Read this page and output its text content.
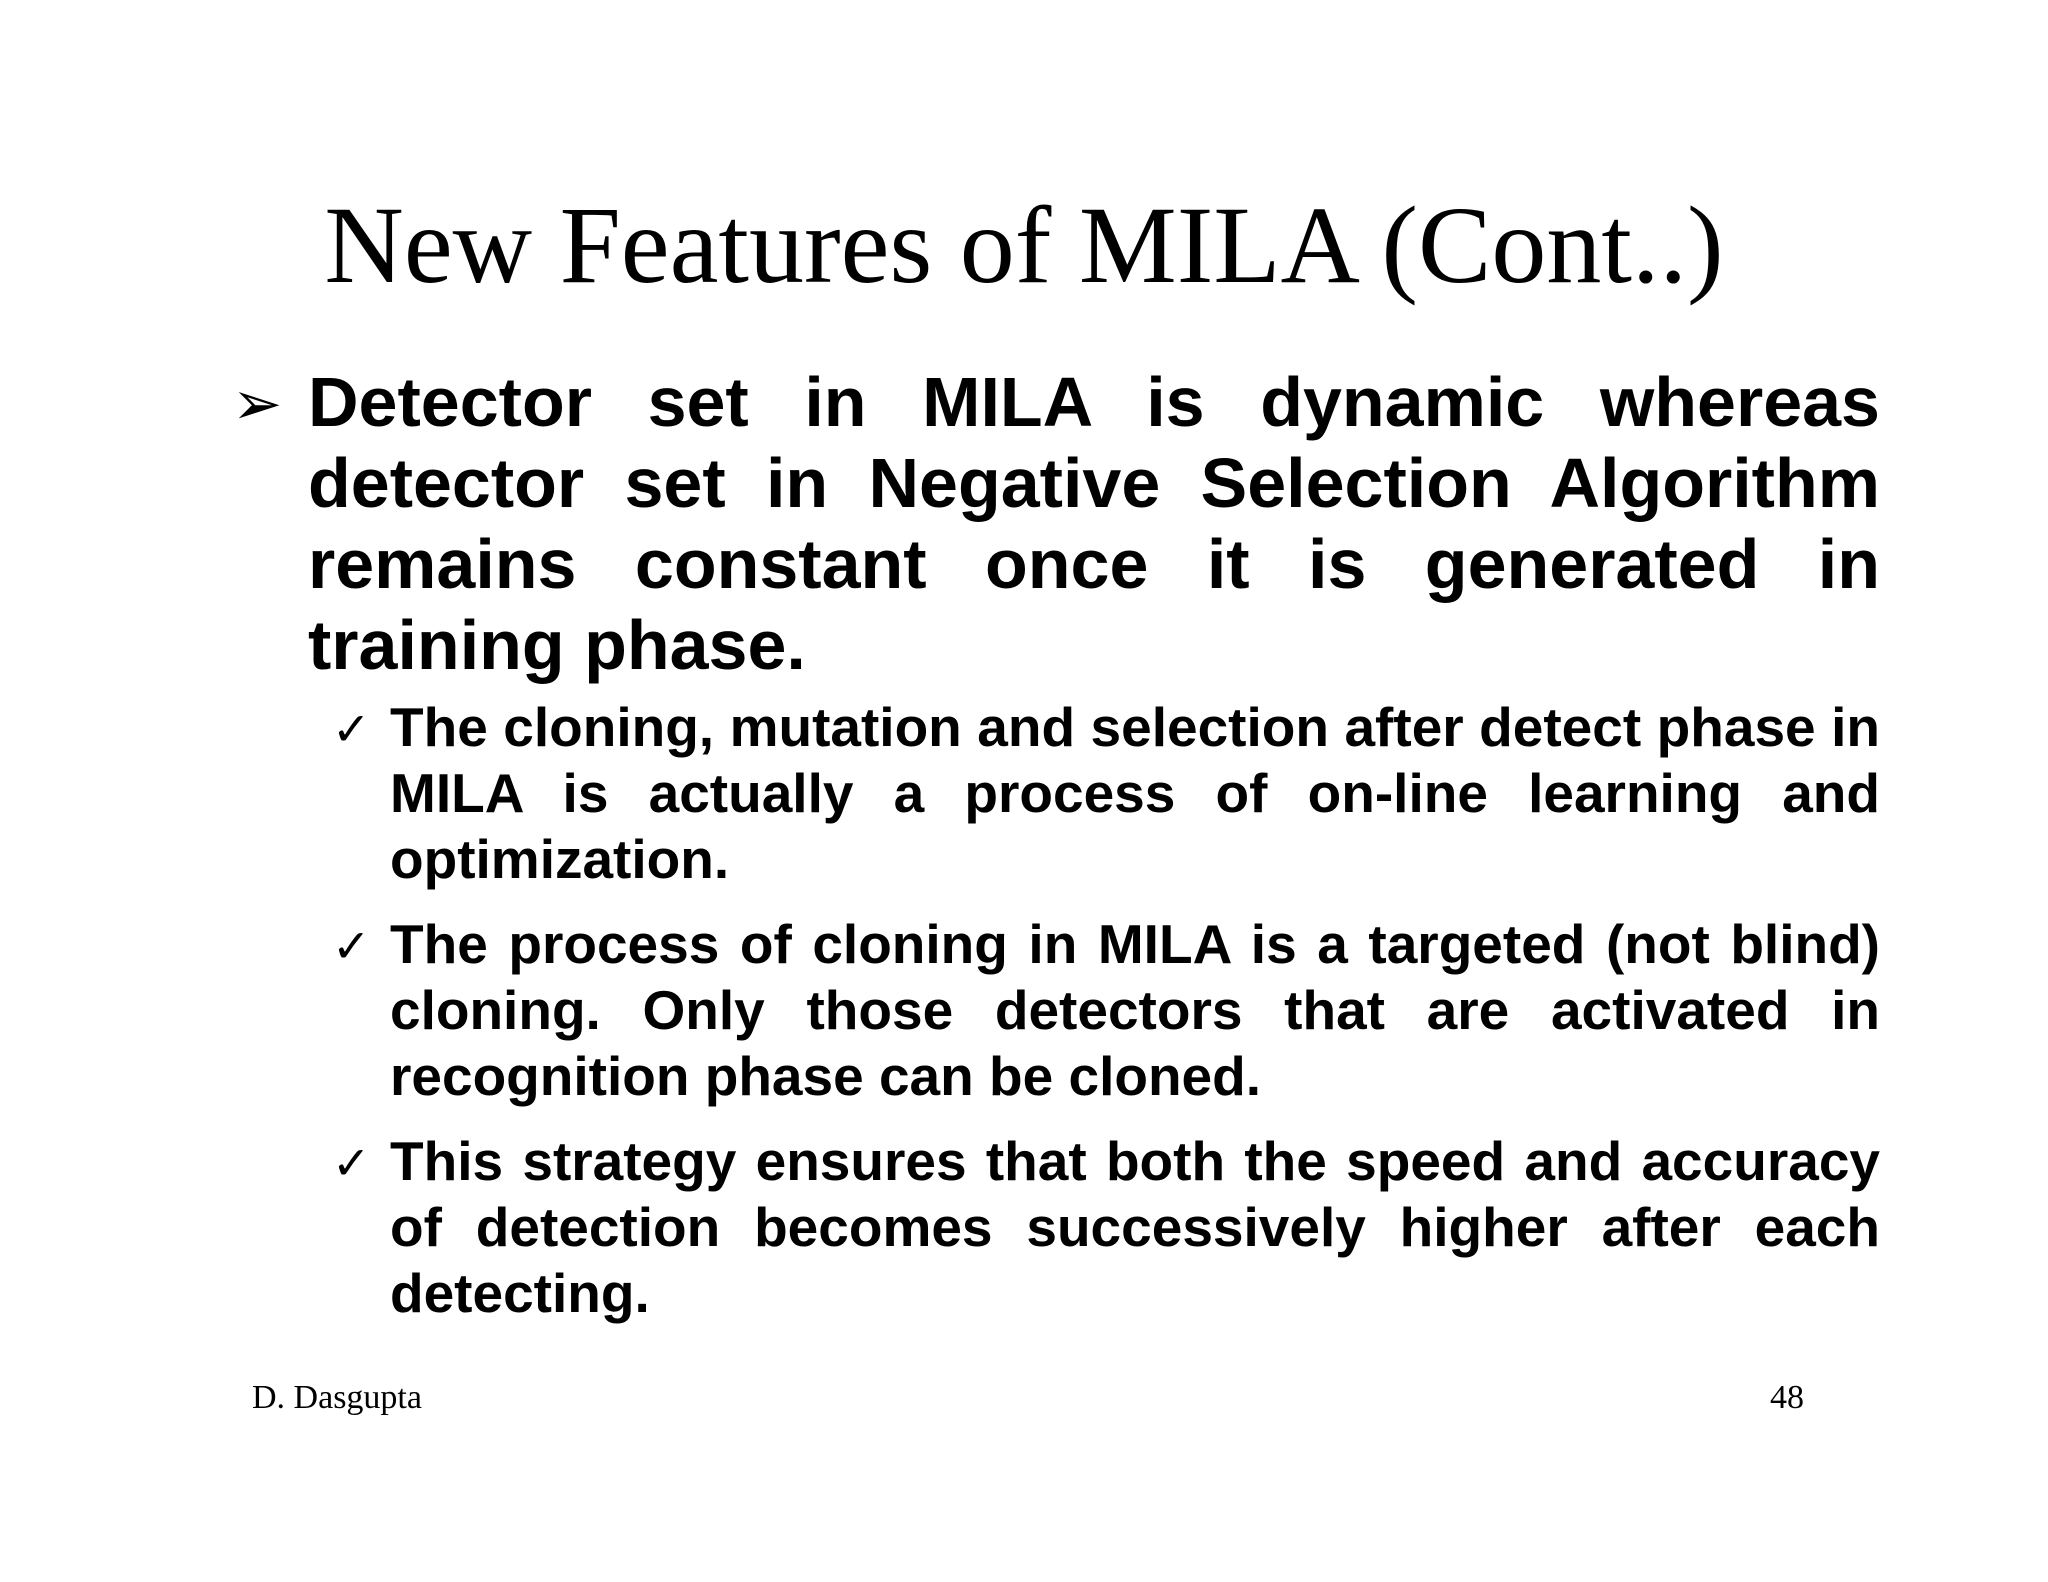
New Features of MILA (Cont..)
➢ Detector set in MILA is dynamic whereas detector set in Negative Selection Algorithm remains constant once it is generated in training phase.
✓ The cloning, mutation and selection after detect phase in MILA is actually a process of on-line learning and optimization.
✓ The process of cloning in MILA is a targeted (not blind) cloning. Only those detectors that are activated in recognition phase can be cloned.
✓ This strategy ensures that both the speed and accuracy of detection becomes successively higher after each detecting.
D. Dasgupta	48
